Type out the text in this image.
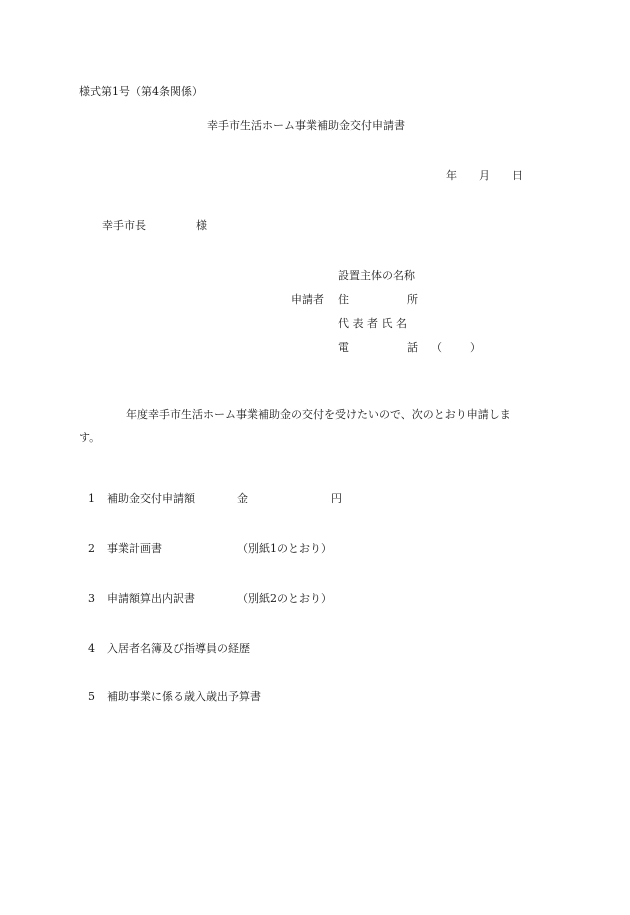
様式第1号（第4条関係）
幸手市生活ホーム事業補助金交付申請書
年 月 日
幸手市長	様
申請者
設置主体の名称
住	所
代 表 者 氏 名
電	話 （	）
年度幸手市生活ホーム事業補助金の交付を受けたいので、次のとおり申請しま
す。
1 補助金交付申請額	金	円
2 事業計画書	（別紙1のとおり）
3 申請額算出内訳書	（別紙2のとおり）
4 入居者名簿及び指導員の経歴
5 補助事業に係る歳入歳出予算書
